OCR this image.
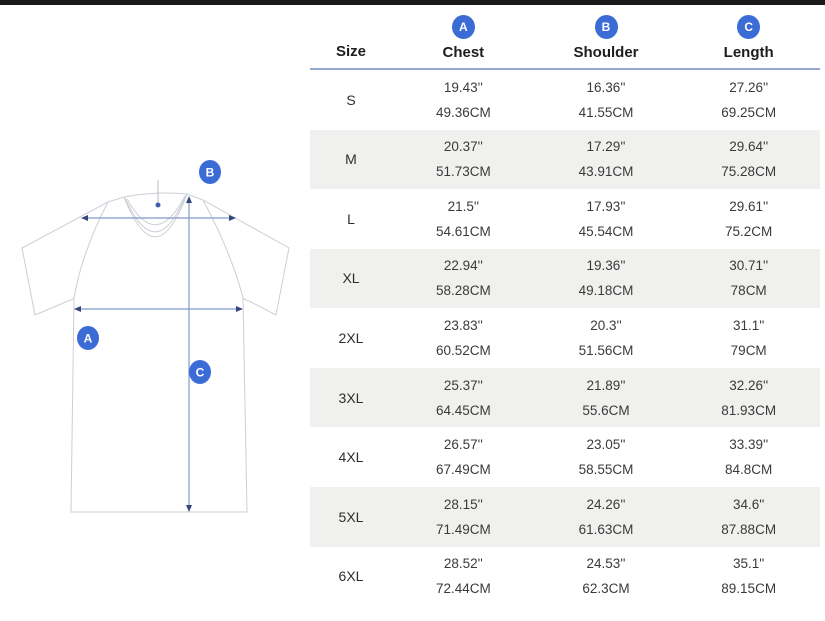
A
B
C
Size
A
Chest
B
Shoulder
C
Length
S
19.43''
49.36CM
16.36''
41.55CM
27.26''
69.25CM
M
20.37''
51.73CM
17.29''
43.91CM
29.64''
75.28CM
L
21.5''
54.61CM
17.93''
45.54CM
29.61''
75.2CM
XL
22.94''
58.28CM
19.36''
49.18CM
30.71''
78CM
2XL
23.83''
60.52CM
20.3''
51.56CM
31.1''
79CM
3XL
25.37''
64.45CM
21.89''
55.6CM
32.26''
81.93CM
4XL
26.57''
67.49CM
23.05''
58.55CM
33.39''
84.8CM
5XL
28.15''
71.49CM
24.26''
61.63CM
34.6''
87.88CM
6XL
28.52''
72.44CM
24.53''
62.3CM
35.1''
89.15CM
